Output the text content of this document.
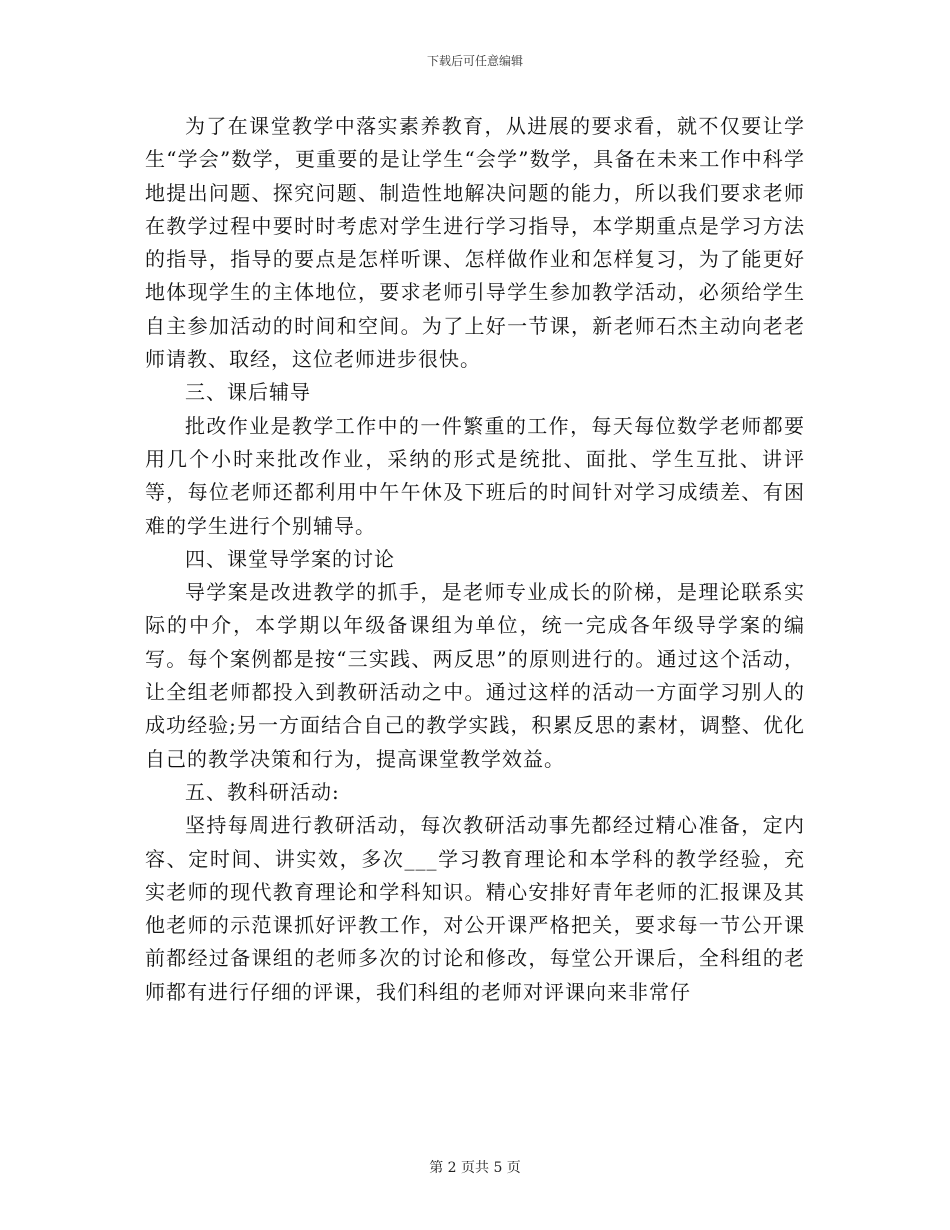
下载后可任意编辑

为了在课堂教学中落实素养教育，从进展的要求看，就不仅要让学生“学会”数学，更重要的是让学生“会学”数学，具备在未来工作中科学地提出问题、探究问题、制造性地解决问题的能力，所以我们要求老师在教学过程中要时时考虑对学生进行学习指导，本学期重点是学习方法的指导，指导的要点是怎样听课、怎样做作业和怎样复习，为了能更好地体现学生的主体地位，要求老师引导学生参加教学活动，必须给学生自主参加活动的时间和空间。为了上好一节课，新老师石杰主动向老老师请教、取经，这位老师进步很快。

三、课后辅导

批改作业是教学工作中的一件繁重的工作，每天每位数学老师都要用几个小时来批改作业，采纳的形式是统批、面批、学生互批、讲评等，每位老师还都利用中午午休及下班后的时间针对学习成绩差、有困难的学生进行个别辅导。

四、课堂导学案的讨论

导学案是改进教学的抓手，是老师专业成长的阶梯，是理论联系实际的中介，本学期以年级备课组为单位，统一完成各年级导学案的编写。每个案例都是按“三实践、两反思”的原则进行的。通过这个活动，让全组老师都投入到教研活动之中。通过这样的活动一方面学习别人的成功经验;另一方面结合自己的教学实践，积累反思的素材，调整、优化自己的教学决策和行为，提高课堂教学效益。

五、教科研活动:

坚持每周进行教研活动，每次教研活动事先都经过精心准备，定内容、定时间、讲实效，多次___学习教育理论和本学科的教学经验，充实老师的现代教育理论和学科知识。精心安排好青年老师的汇报课及其他老师的示范课抓好评教工作，对公开课严格把关，要求每一节公开课前都经过备课组的老师多次的讨论和修改，每堂公开课后，全科组的老师都有进行仔细的评课，我们科组的老师对评课向来非常仔

第 2 页共 5 页
